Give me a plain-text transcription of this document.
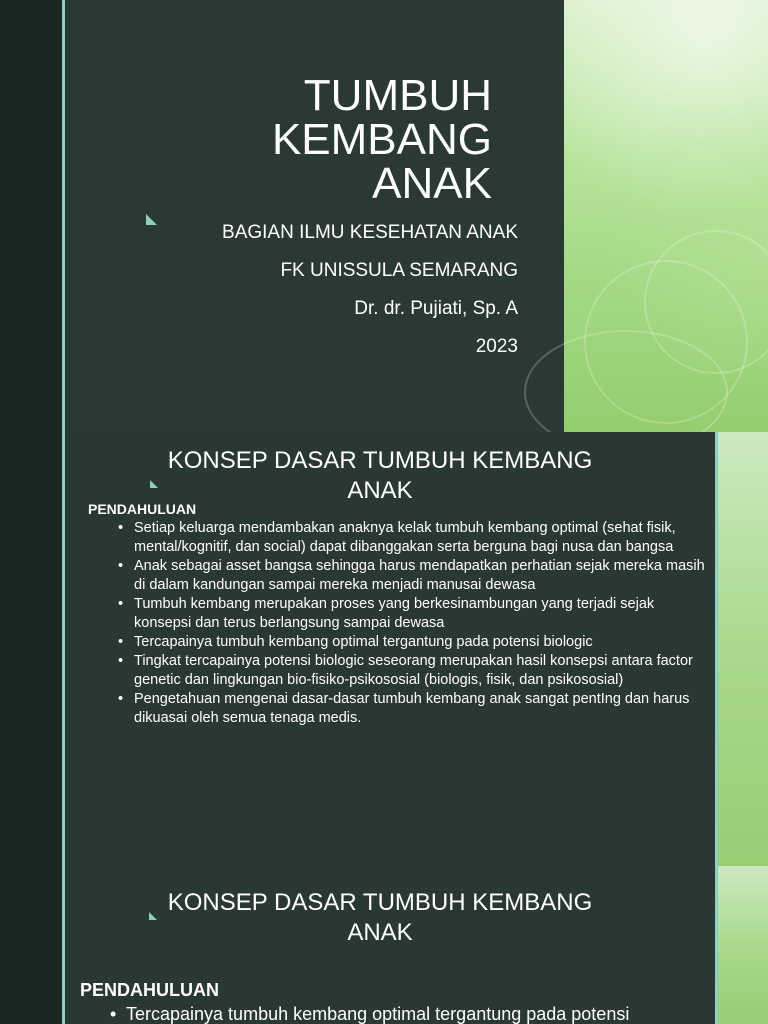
TUMBUH
KEMBANG
ANAK
BAGIAN ILMU KESEHATAN ANAK
FK UNISSULA SEMARANG
Dr. dr. Pujiati, Sp. A
2023
KONSEP DASAR TUMBUH KEMBANG
ANAK

PENDAHULUAN

• Setiap keluarga mendambakan anaknya kelak tumbuh kembang optimal (sehat fisik, mental/kognitif, dan social) dapat dibanggakan serta berguna bagi nusa dan bangsa
• Anak sebagai asset bangsa sehingga harus mendapatkan perhatian sejak mereka masih di dalam kandungan sampai mereka menjadi manusai dewasa
• Tumbuh kembang merupakan proses yang berkesinambungan yang terjadi sejak konsepsi dan terus berlangsung sampai dewasa
• Tercapainya tumbuh kembang optimal tergantung pada potensi biologic
• Tingkat tercapainya potensi biologic seseorang merupakan hasil konsepsi antara factor genetic dan lingkungan bio-fisiko-psikososial (biologis, fisik, dan psikososial)
• Pengetahuan mengenai dasar-dasar tumbuh kembang anak sangat pentIng dan harus dikuasai oleh semua tenaga medis.
KONSEP DASAR TUMBUH KEMBANG
ANAK

PENDAHULUAN

• Tercapainya tumbuh kembang optimal tergantung pada potensi
